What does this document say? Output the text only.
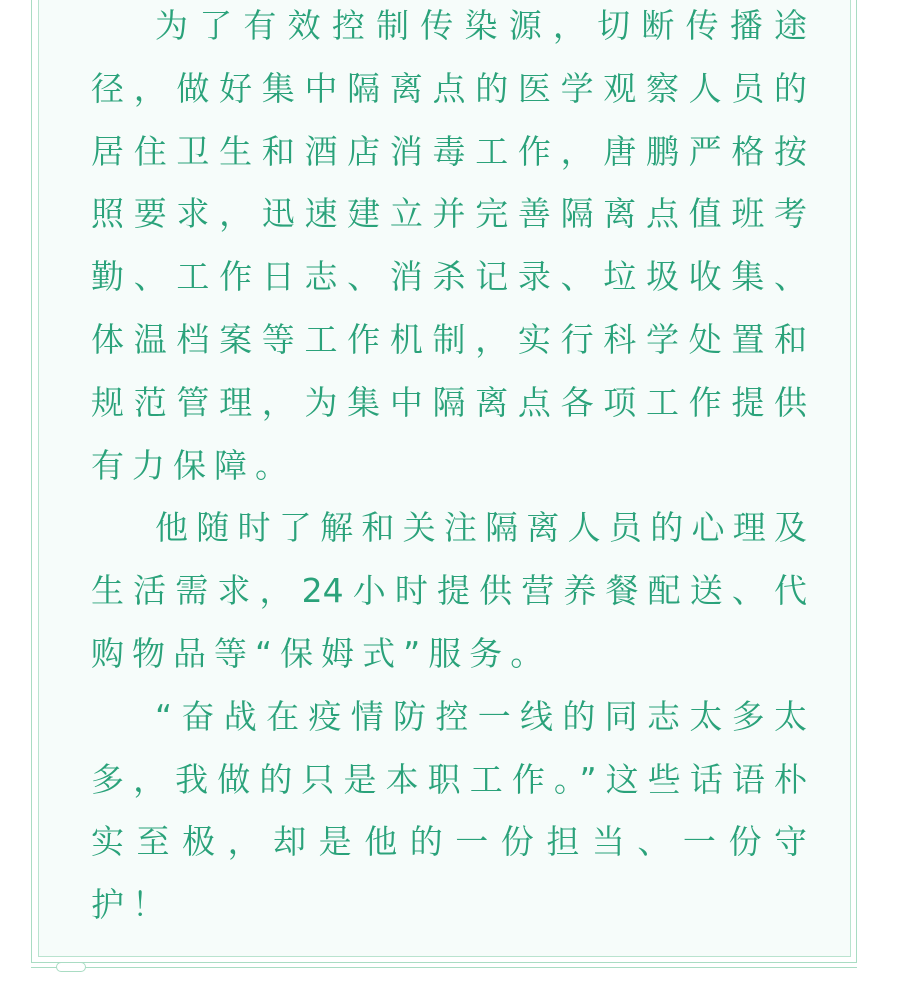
为了有效控制传染源，切断传播途

径，做好集中隔离点的医学观察人员的

居住卫生和酒店消毒工作，唐鹏严格按

照要求，迅速建立并完善隔离点值班考

勤、工作日志、消杀记录、垃圾收集、

体温档案等工作机制，实行科学处置和

规范管理，为集中隔离点各项工作提供

有力保障。

他随时了解和关注隔离人员的心理及

生活需求，24小时提供营养餐配送、代

购物品等“保姆式”服务。

“奋战在疫情防控一线的同志太多太

多，我做的只是本职工作。”这些话语朴

实至极，却是他的一份担当、一份守

护！
